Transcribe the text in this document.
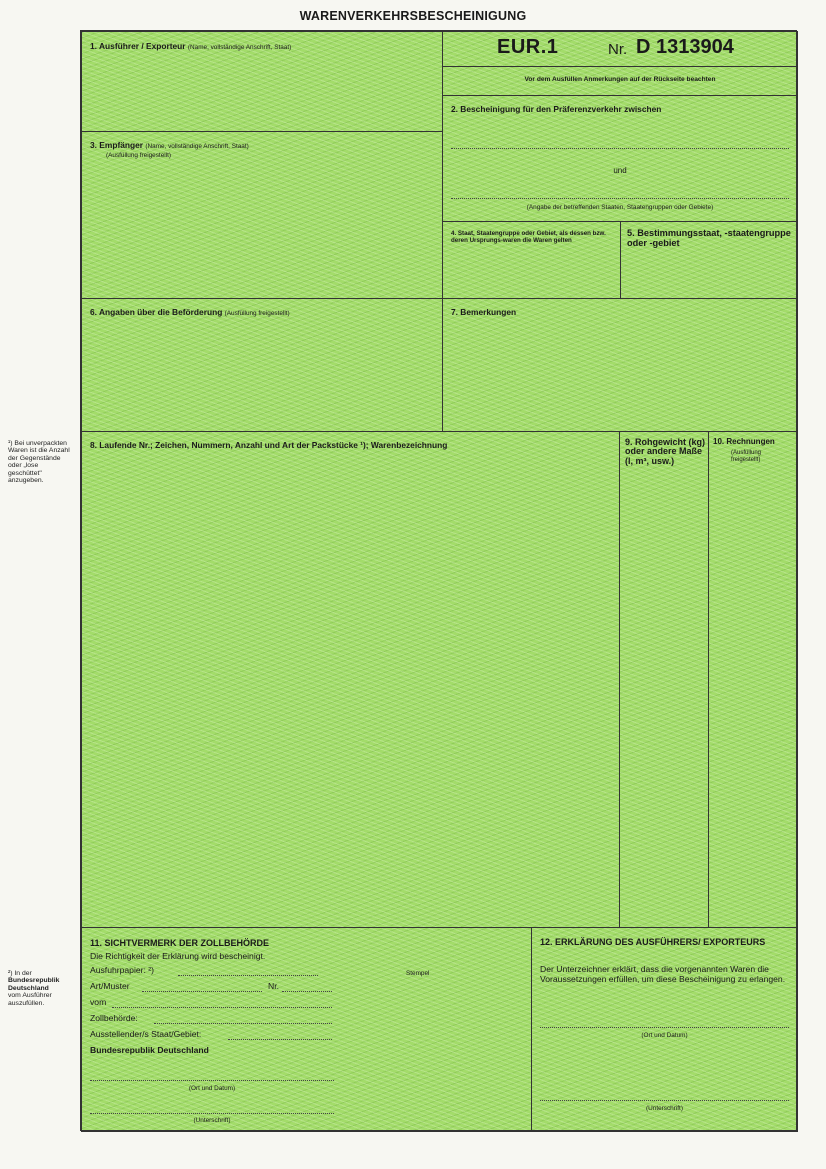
WARENVERKEHRSBESCHEINIGUNG
¹) Bei unverpackten Waren ist die Anzahl der Gegenstände oder „lose geschüttet" anzugeben.
²) In der
Bundesrepublik Deutschland
vom Ausführer auszufüllen.
1. Ausführer / Exporteur (Name, vollständige Anschrift, Staat)	EUR.1	Nr. D 1313904
Vor dem Ausfüllen Anmerkungen auf der Rückseite beachten
2. Bescheinigung für den Präferenzverkehr zwischen
und
(Angabe der betreffenden Staaten, Staatengruppen oder Gebiete)
3. Empfänger (Name, vollständige Anschrift, Staat)
(Ausfüllung freigestellt)
4. Staat, Staatengruppe oder Gebiet, als dessen bzw. deren Ursprungs-waren die Waren gelten
5. Bestimmungsstaat, -staatengruppe oder -gebiet
6. Angaben über die Beförderung (Ausfüllung freigestellt)	7. Bemerkungen
8. Laufende Nr.; Zeichen, Nummern, Anzahl und Art der Packstücke ¹); Warenbezeichnung	9. Rohgewicht (kg) oder andere Maße (l, m³, usw.)
10. Rechnungen
(Ausfüllung freigestellt)
11. SICHTVERMERK DER ZOLLBEHÖRDE
Die Richtigkeit der Erklärung wird bescheinigt.
Ausfuhrpapier: ²)
Art/Muster	Nr.
vom
Zollbehörde:
Ausstellender/s Staat/Gebiet:
Bundesrepublik Deutschland
Stempel
(Ort und Datum)
(Unterschrift)
12. ERKLÄRUNG DES AUSFÜHRERS/ EXPORTEURS
Der Unterzeichner erklärt, dass die vorgenannten Waren die Voraussetzungen erfüllen, um diese Bescheinigung zu erlangen.
(Ort und Datum)
(Unterschrift)
